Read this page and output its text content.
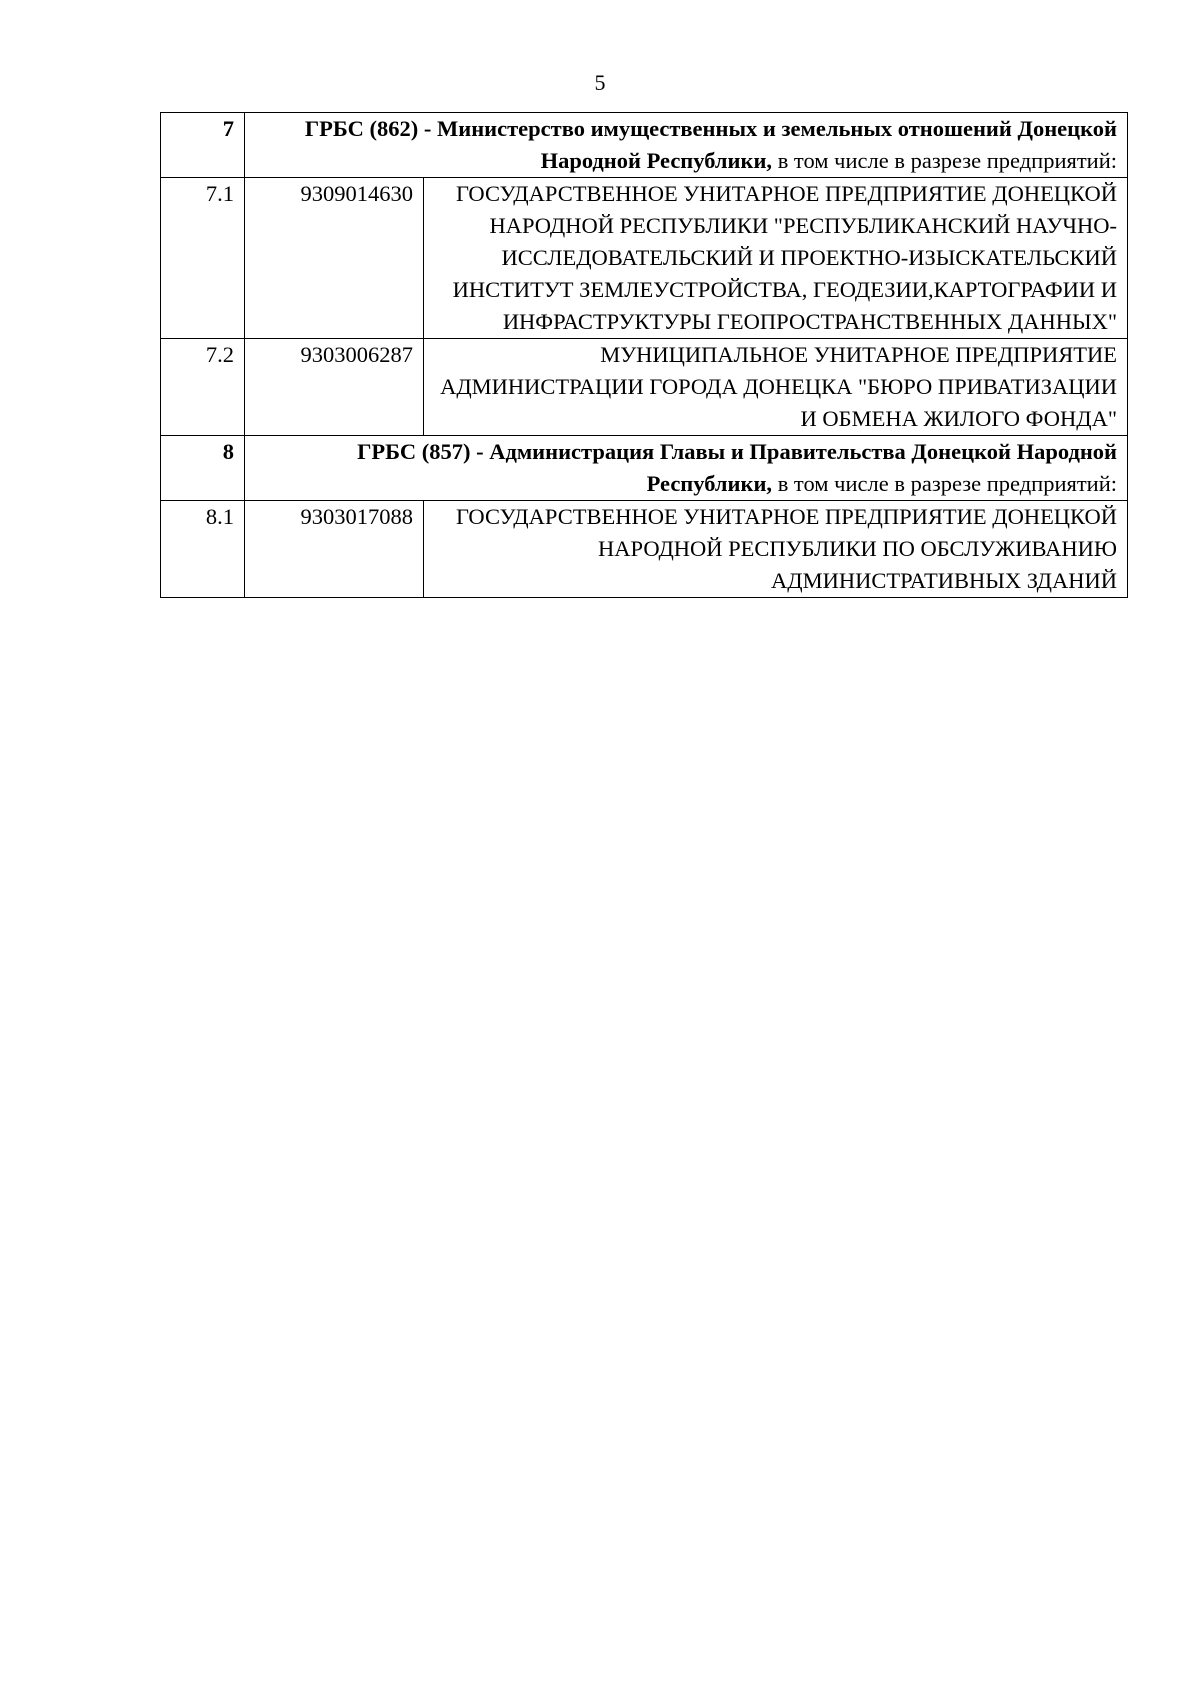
5
7	ГРБС (862) - Министерство имущественных и земельных отношений Донецкой Народной Республики, в том числе в разрезе предприятий:	
7.1	9309014630	ГОСУДАРСТВЕННОЕ УНИТАРНОЕ ПРЕДПРИЯТИЕ ДОНЕЦКОЙ НАРОДНОЙ РЕСПУБЛИКИ "РЕСПУБЛИКАНСКИЙ НАУЧНО-ИССЛЕДОВАТЕЛЬСКИЙ И ПРОЕКТНО-ИЗЫСКАТЕЛЬСКИЙ ИНСТИТУТ ЗЕМЛЕУСТРОЙСТВА, ГЕОДЕЗИИ,КАРТОГРАФИИ И ИНФРАСТРУКТУРЫ ГЕОПРОСТРАНСТВЕННЫХ ДАННЫХ"
7.2	9303006287	МУНИЦИПАЛЬНОЕ УНИТАРНОЕ ПРЕДПРИЯТИЕ АДМИНИСТРАЦИИ ГОРОДА ДОНЕЦКА "БЮРО ПРИВАТИЗАЦИИ И ОБМЕНА ЖИЛОГО ФОНДА"
8	ГРБС (857) - Администрация Главы и Правительства Донецкой Народной Республики, в том числе в разрезе предприятий:	
8.1	9303017088	ГОСУДАРСТВЕННОЕ УНИТАРНОЕ ПРЕДПРИЯТИЕ ДОНЕЦКОЙ НАРОДНОЙ РЕСПУБЛИКИ ПО ОБСЛУЖИВАНИЮ АДМИНИСТРАТИВНЫХ ЗДАНИЙ
